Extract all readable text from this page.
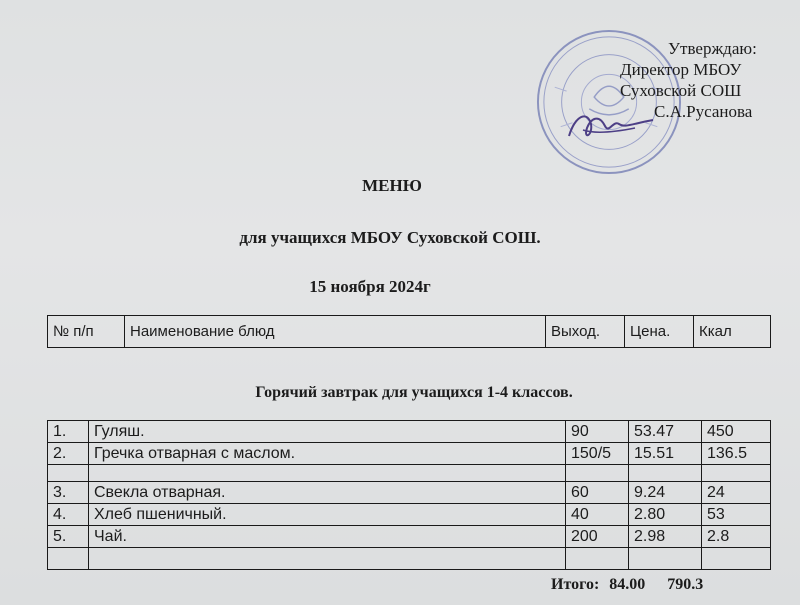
Утверждаю:
Директор МБОУ
Суховской СОШ
С.А.Русанова
МЕНЮ
для учащихся МБОУ Суховской СОШ.
15 ноября 2024г
№ п/п	Наименование блюд	Выход.	Цена.	Ккал
Горячий завтрак для учащихся 1-4 классов.
1.	Гуляш.	90	53.47	450
2.	Гречка отварная с маслом.	150/5	15.51	136.5

3.	Свекла отварная.	60	9.24	24
4.	Хлеб пшеничный.	40	2.80	53
5.	Чай.	200	2.98	2.8

Итого: 84.00 790.3
